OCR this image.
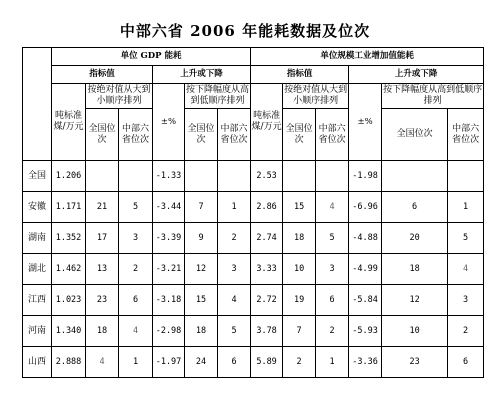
中部六省 2006 年能耗数据及位次
	单位 GDP 能耗						单位规模工业增加值能耗					
	指标值			上升或下降			指标值			上升或下降		
	吨标准煤/万元	按绝对值从大到小顺序排列		±%	按下降幅度从高到低顺序排列		吨标准煤/万元	按绝对值从大到小顺序排列		±%	按下降幅度从高到低顺序排列	
		全国位次	中部六省位次		全国位次	中部六省位次		全国位次	中部六省位次		全国位次	中部六省位次
全国	1.206			-1.33			2.53			-1.98		
安徽	1.171	21	5	-3.44	7	1	2.86	15	4	-6.96	6	1
湖南	1.352	17	3	-3.39	9	2	2.74	18	5	-4.88	20	5
湖北	1.462	13	2	-3.21	12	3	3.33	10	3	-4.99	18	4
江西	1.023	23	6	-3.18	15	4	2.72	19	6	-5.84	12	3
河南	1.340	18	4	-2.98	18	5	3.78	7	2	-5.93	10	2
山西	2.888	4	1	-1.97	24	6	5.89	2	1	-3.36	23	6
